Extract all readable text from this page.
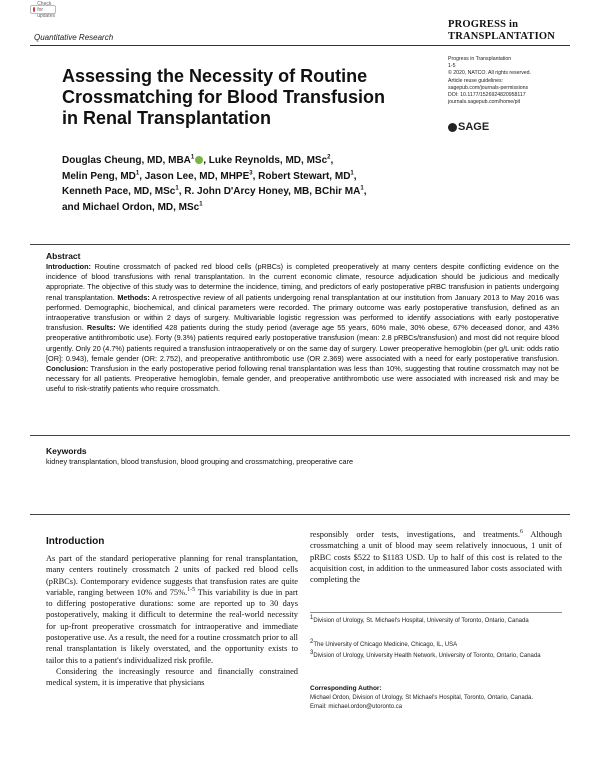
Check for updates
Quantitative Research
PROGRESS in
TRANSPLANTATION
Assessing the Necessity of Routine Crossmatching for Blood Transfusion in Renal Transplantation
Progress in Transplantation
1-5
© 2020, NATCO. All rights reserved.
Article reuse guidelines:
sagepub.com/journals-permissions
DOI: 10.1177/1526924820958117
journals.sagepub.com/home/pit
SAGE
Douglas Cheung, MD, MBA$^1$ , Luke Reynolds, MD, MSc$^2$,
Melin Peng, $MD^1$, Jason Lee, MD, MHPE$^3$, Robert Stewart, $MD^1$,
Kenneth Pace, MD, MSc$^1$, R. John D'Arcy Honey, MB, BChir $MA^1$,
and Michael Ordon, MD, MSc$^1$
Abstract
Introduction: Routine crossmatch of packed red blood cells (pRBCs) is completed preoperatively at many centers despite conflicting evidence on the incidence of blood transfusions with renal transplantation. In the current economic climate, resource adjudication should be judicious and medically appropriate. The objective of this study was to determine the incidence, timing, and predictors of early postoperative pRBC transfusion in patients undergoing renal transplantation. Methods: A retrospective review of all patients undergoing renal transplantation at our institution from January 2013 to May 2016 was performed. Demographic, biochemical, and clinical parameters were recorded. The primary outcome was early postoperative transfusion, defined as an intraoperative transfusion or within 2 days of surgery. Multivariable logistic regression was performed to identify associations with early postoperative transfusion. Results: We identified 428 patients during the study period (average age 55 years, 60% male, 30% obese, 67% deceased donor, and 43% preoperative antithrombotic use). Forty (9.3%) patients required early postoperative transfusion (mean: 2.8 pRBCs/transfusion) and most did not require blood urgently. Only 20 (4.7%) patients required a transfusion intraoperatively or on the same day of surgery. Lower preoperative hemoglobin (per g/L unit: odds ratio [OR]: 0.943), female gender (OR: 2.752), and preoperative antithrombotic use (OR 2.369) were associated with a need for early postoperative transfusion. Conclusion: Transfusion in the early postoperative period following renal transplantation was less than 10%, suggesting that routine crossmatch may not be necessary for all patients. Preoperative hemoglobin, female gender, and preoperative antithrombotic use were associated with increased risk and may be useful to risk-stratify patients who require crossmatch.
Keywords
kidney transplantation, blood transfusion, blood grouping and crossmatching, preoperative care
Introduction

As part of the standard perioperative planning for renal transplantation, many centers routinely crossmatch 2 units of packed red blood cells (pRBCs). Contemporary evidence suggests that transfusion rates are quite variable, ranging between 10% and 75%.$^{1-5}$ This variability is due in part to differing postoperative durations: some are reported up to 30 days postoperatively, making it difficult to determine the real-world necessity for up-front preoperative crossmatch for intraoperative and immediate postoperative use. As a result, the need for a routine crossmatch prior to all renal transplantation is likely overstated, and the opportunity exists to tailor this to a patient's individualized risk profile.

Considering the increasingly resource and financially constrained medical system, it is imperative that physicians

responsibly order tests, investigations, and treatments.$^6$ Although crossmatching a unit of blood may seem relatively innocuous, 1 unit of pRBC costs $522 to $1183 USD. Up to half of this cost is related to the acquisition cost, in addition to the unmeasured labor costs associated with completing the
$^1$Division of Urology, St. Michael's Hospital, University of Toronto, Ontario, Canada
$^2$The University of Chicago Medicine, Chicago, IL, USA
$^3$Division of Urology, University Health Network, University of Toronto, Ontario, Canada
Corresponding Author:
Michael Ordon, Division of Urology, St Michael's Hospital, Toronto, Ontario, Canada.
Email: michael.ordon@utoronto.ca
